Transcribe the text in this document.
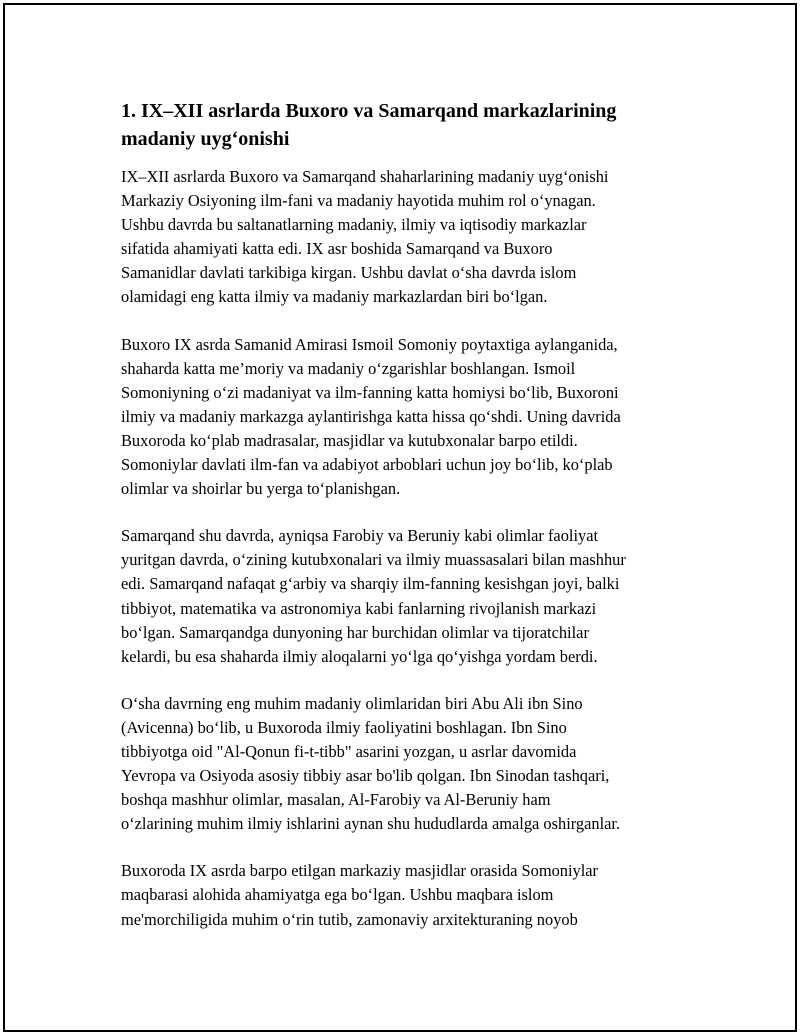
1. IX–XII asrlarda Buxoro va Samarqand markazlarining
madaniy uyg‘onishi

IX–XII asrlarda Buxoro va Samarqand shaharlarining madaniy uyg‘onishi
Markaziy Osiyoning ilm-fani va madaniy hayotida muhim rol o‘ynagan.
Ushbu davrda bu saltanatlarning madaniy, ilmiy va iqtisodiy markazlar
sifatida ahamiyati katta edi. IX asr boshida Samarqand va Buxoro
Samanidlar davlati tarkibiga kirgan. Ushbu davlat o‘sha davrda islom
olamidagi eng katta ilmiy va madaniy markazlardan biri bo‘lgan.

Buxoro IX asrda Samanid Amirasi Ismoil Somoniy poytaxtiga aylanganida,
shaharda katta me’moriy va madaniy o‘zgarishlar boshlangan. Ismoil
Somoniyning o‘zi madaniyat va ilm-fanning katta homiysi bo‘lib, Buxoroni
ilmiy va madaniy markazga aylantirishga katta hissa qo‘shdi. Uning davrida
Buxoroda ko‘plab madrasalar, masjidlar va kutubxonalar barpo etildi.
Somoniylar davlati ilm-fan va adabiyot arboblari uchun joy bo‘lib, ko‘plab
olimlar va shoirlar bu yerga to‘planishgan.

Samarqand shu davrda, ayniqsa Farobiy va Beruniy kabi olimlar faoliyat
yuritgan davrda, o‘zining kutubxonalari va ilmiy muassasalari bilan mashhur
edi. Samarqand nafaqat g‘arbiy va sharqiy ilm-fanning kesishgan joyi, balki
tibbiyot, matematika va astronomiya kabi fanlarning rivojlanish markazi
bo‘lgan. Samarqandga dunyoning har burchidan olimlar va tijoratchilar
kelardi, bu esa shaharda ilmiy aloqalarni yo‘lga qo‘yishga yordam berdi.

O‘sha davrning eng muhim madaniy olimlaridan biri Abu Ali ibn Sino
(Avicenna) bo‘lib, u Buxoroda ilmiy faoliyatini boshlagan. Ibn Sino
tibbiyotga oid "Al-Qonun fi-t-tibb" asarini yozgan, u asrlar davomida
Yevropa va Osiyoda asosiy tibbiy asar bo'lib qolgan. Ibn Sinodan tashqari,
boshqa mashhur olimlar, masalan, Al-Farobiy va Al-Beruniy ham
o‘zlarining muhim ilmiy ishlarini aynan shu hududlarda amalga oshirganlar.

Buxoroda IX asrda barpo etilgan markaziy masjidlar orasida Somoniylar
maqbarasi alohida ahamiyatga ega bo‘lgan. Ushbu maqbara islom
me'morchiligida muhim o‘rin tutib, zamonaviy arxitekturaning noyob
